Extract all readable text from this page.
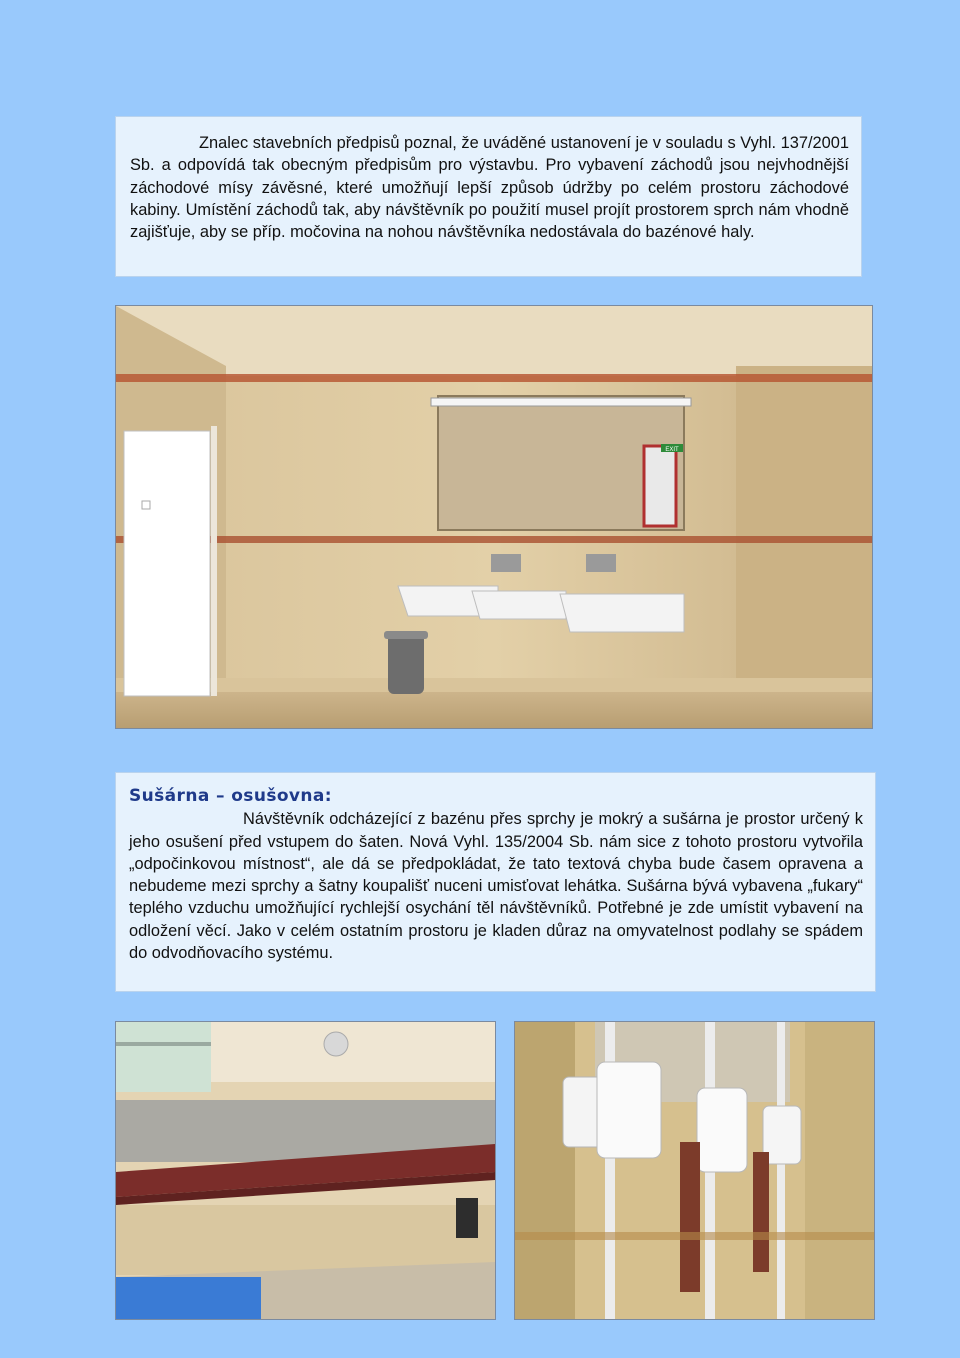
Znalec stavebních předpisů poznal, že uváděné ustanovení je v souladu s Vyhl. 137/2001 Sb. a odpovídá tak obecným předpisům pro výstavbu. Pro vybavení záchodů jsou nejvhodnější záchodové mísy závěsné, které umožňují lepší způsob údržby po celém prostoru záchodové kabiny. Umístění záchodů tak, aby návštěvník po použití musel projít prostorem sprch nám vhodně zajišťuje, aby se příp. močovina na nohou návštěvníka nedostávala do bazénové haly.

EXIT

Sušárna – osušovna:

Návštěvník odcházející z bazénu přes sprchy je mokrý a sušárna je prostor určený k jeho osušení před vstupem do šaten. Nová Vyhl. 135/2004 Sb. nám sice z tohoto prostoru vytvořila „odpočinkovou místnost“, ale dá se předpokládat, že tato textová chyba bude časem opravena a nebudeme mezi sprchy a šatny koupališť nuceni umisťovat lehátka. Sušárna bývá vybavena „fukary“ teplého vzduchu umožňující rychlejší osychání těl návštěvníků. Potřebné je zde umístit vybavení na odložení věcí. Jako v celém ostatním prostoru je kladen důraz na omyvatelnost podlahy se spádem do odvodňovacího systému.
